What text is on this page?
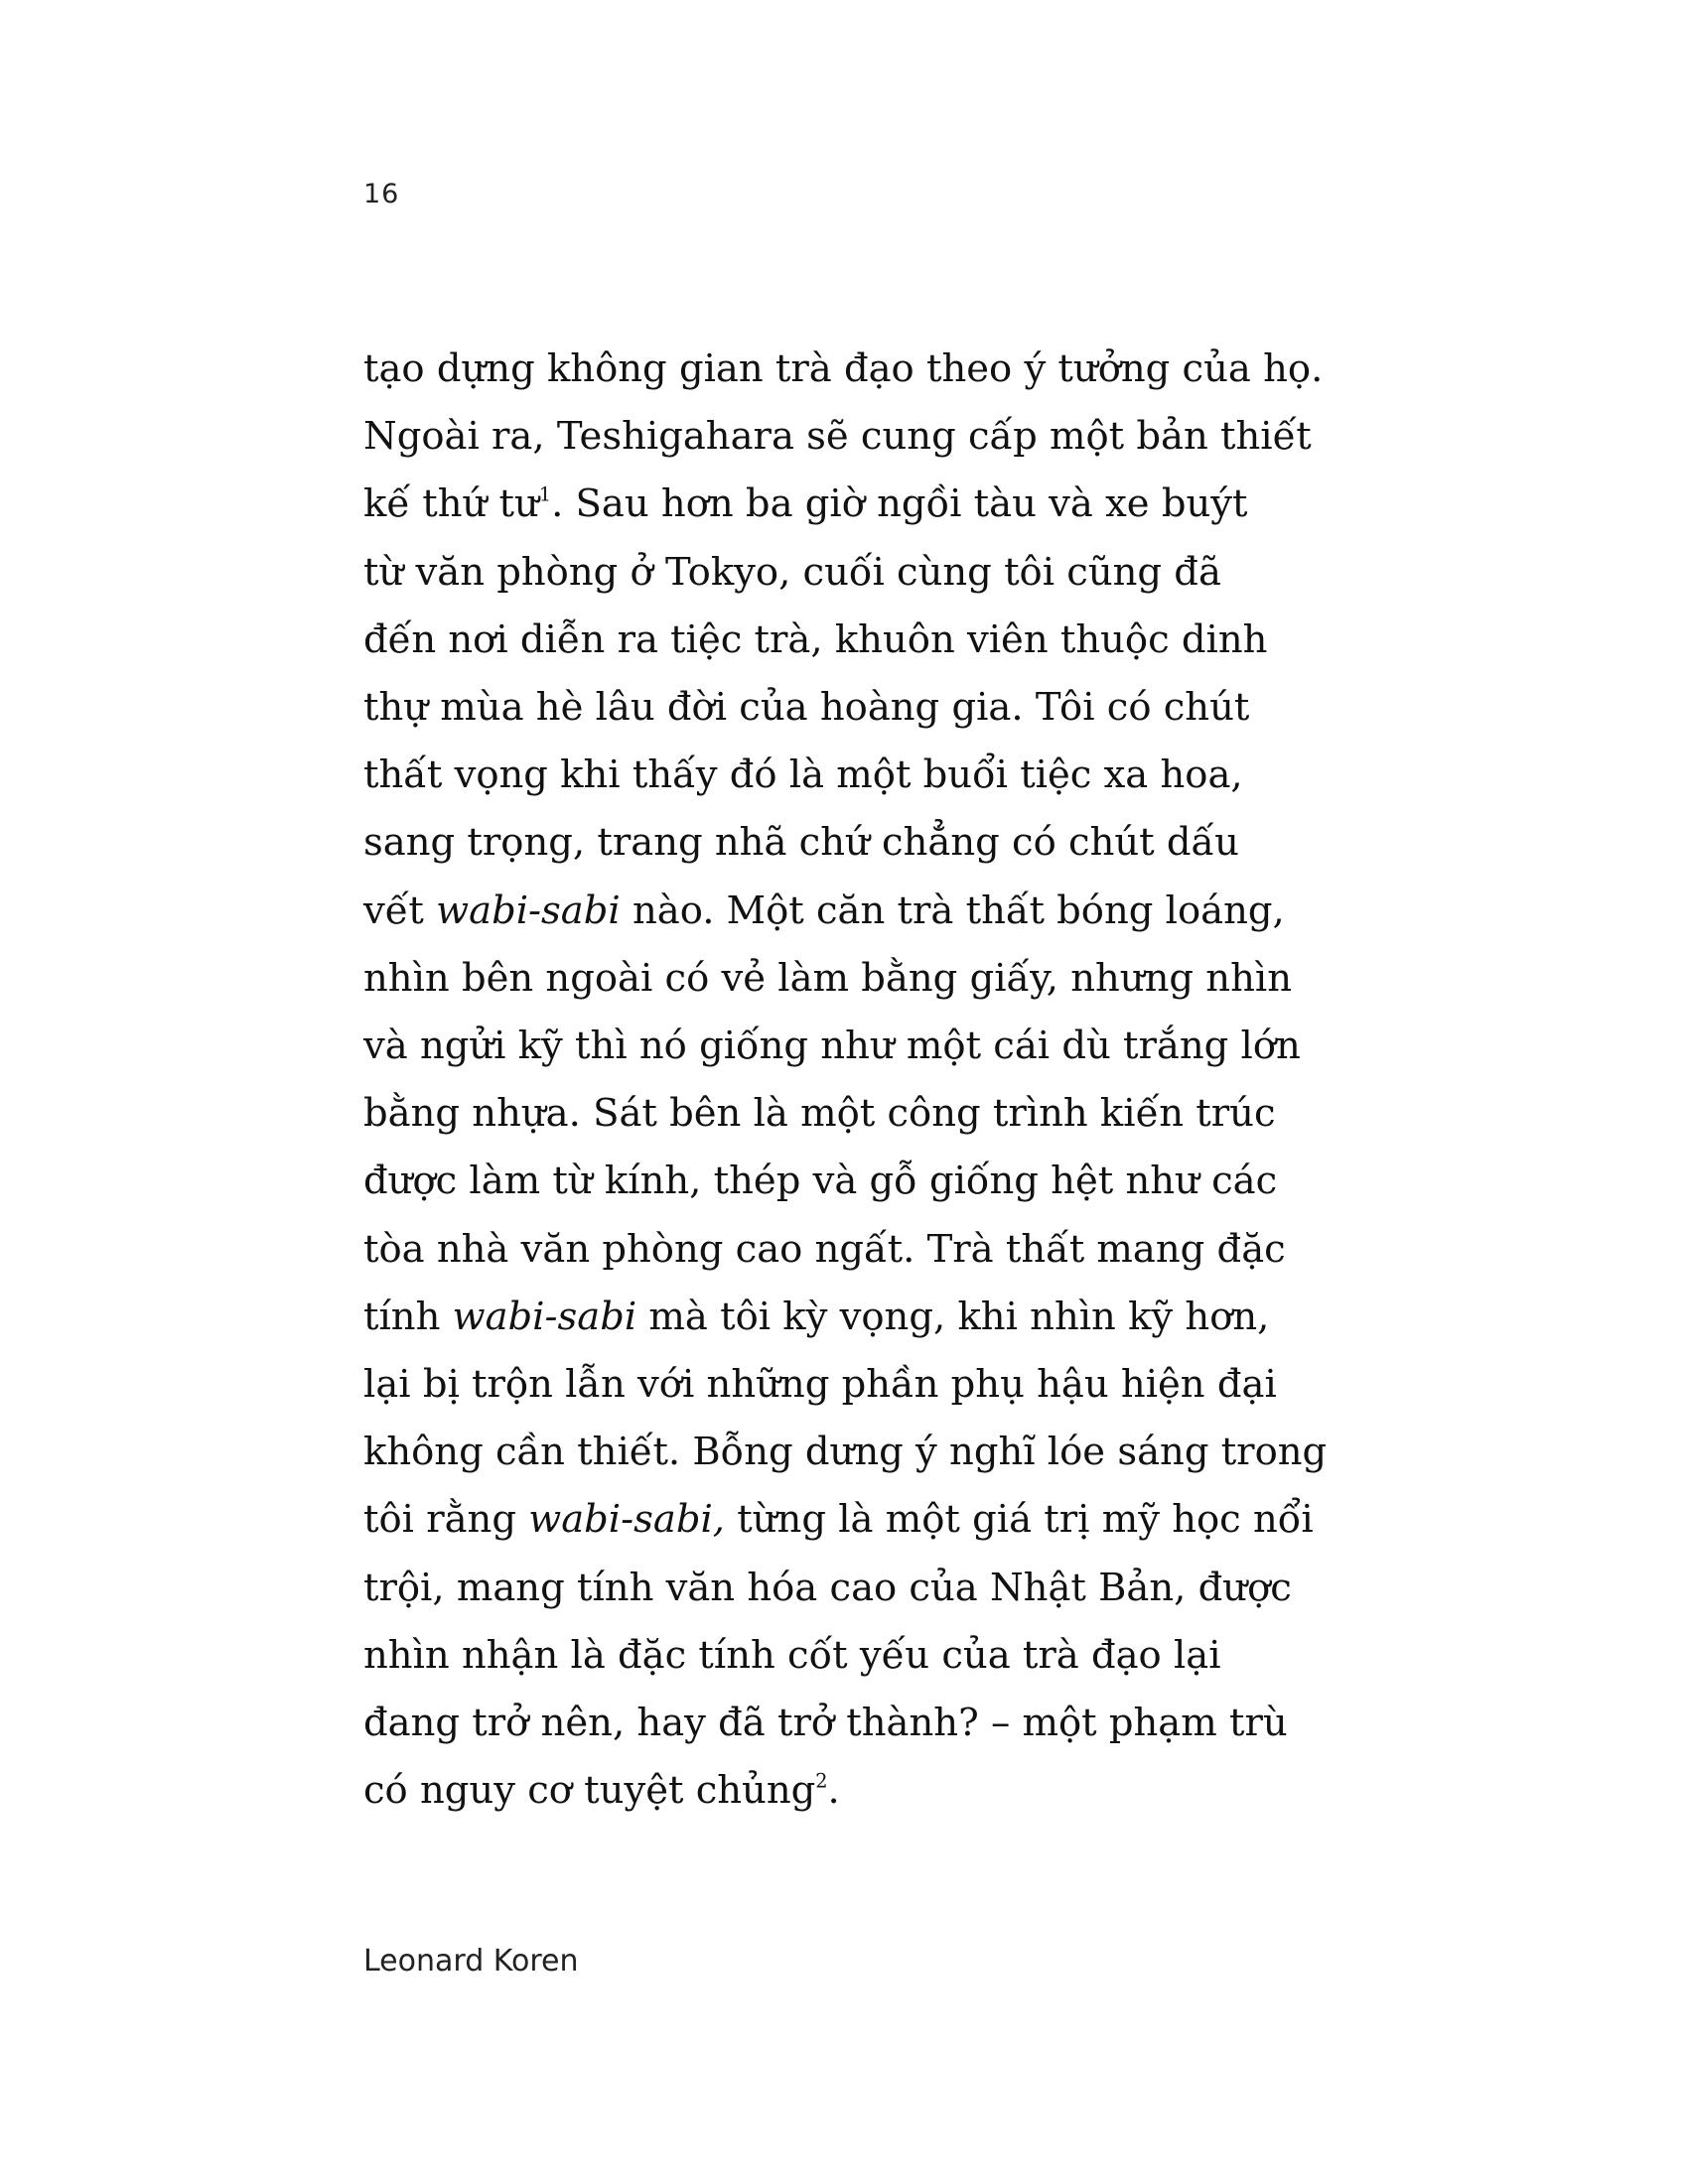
16
tạo dựng không gian trà đạo theo ý tưởng của họ.
Ngoài ra, Teshigahara sẽ cung cấp một bản thiết
kế thứ $tư^1$. Sau hơn ba giờ ngồi tàu và xe buýt
từ văn phòng ở Tokyo, cuối cùng tôi cũng đã
đến nơi diễn ra tiệc trà, khuôn viên thuộc dinh
thự mùa hè lâu đời của hoàng gia. Tôi có chút
thất vọng khi thấy đó là một buổi tiệc xa hoa,
sang trọng, trang nhã chứ chẳng có chút dấu
vết wabi-sabi nào. Một căn trà thất bóng loáng,
nhìn bên ngoài có vẻ làm bằng giấy, nhưng nhìn
và ngửi kỹ thì nó giống như một cái dù trắng lớn
bằng nhựa. Sát bên là một công trình kiến trúc
được làm từ kính, thép và gỗ giống hệt như các
tòa nhà văn phòng cao ngất. Trà thất mang đặc
tính wabi-sabi mà tôi kỳ vọng, khi nhìn kỹ hơn,
lại bị trộn lẫn với những phần phụ hậu hiện đại
không cần thiết. Bỗng dưng ý nghĩ lóe sáng trong
tôi rằng wabi-sabi, từng là một giá trị mỹ học nổi
trội, mang tính văn hóa cao của Nhật Bản, được
nhìn nhận là đặc tính cốt yếu của trà đạo lại
đang trở nên, hay đã trở thành? – một phạm trù
có nguy cơ tuyệt chủng$^2$.
Leonard Koren
